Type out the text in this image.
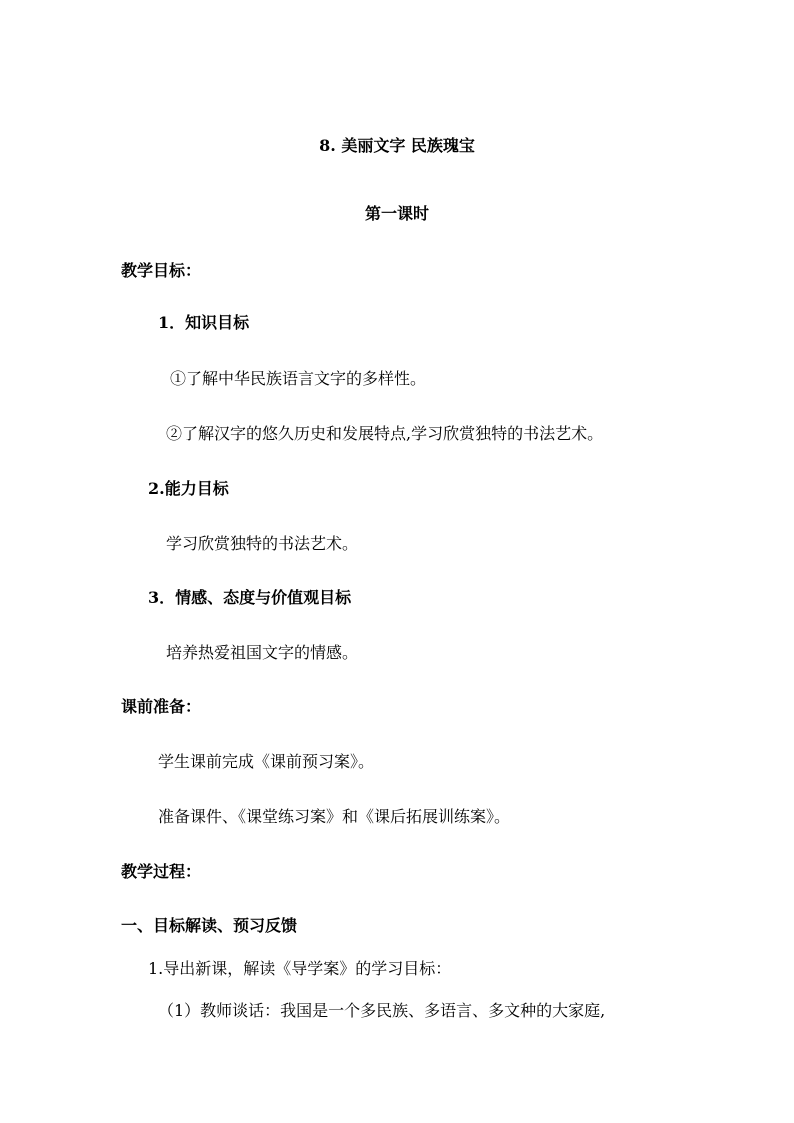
8. 美丽文字 民族瑰宝
第一课时
教学目标：
1．知识目标
①了解中华民族语言文字的多样性。
②了解汉字的悠久历史和发展特点,学习欣赏独特的书法艺术。
2.能力目标
学习欣赏独特的书法艺术。
3．情感、态度与价值观目标
培养热爱祖国文字的情感。
课前准备：
学生课前完成《课前预习案》。
准备课件、《课堂练习案》和《课后拓展训练案》。
教学过程：
一、目标解读、预习反馈
1.导出新课，解读《导学案》的学习目标：
（1）教师谈话：我国是一个多民族、多语言、多文种的大家庭,
